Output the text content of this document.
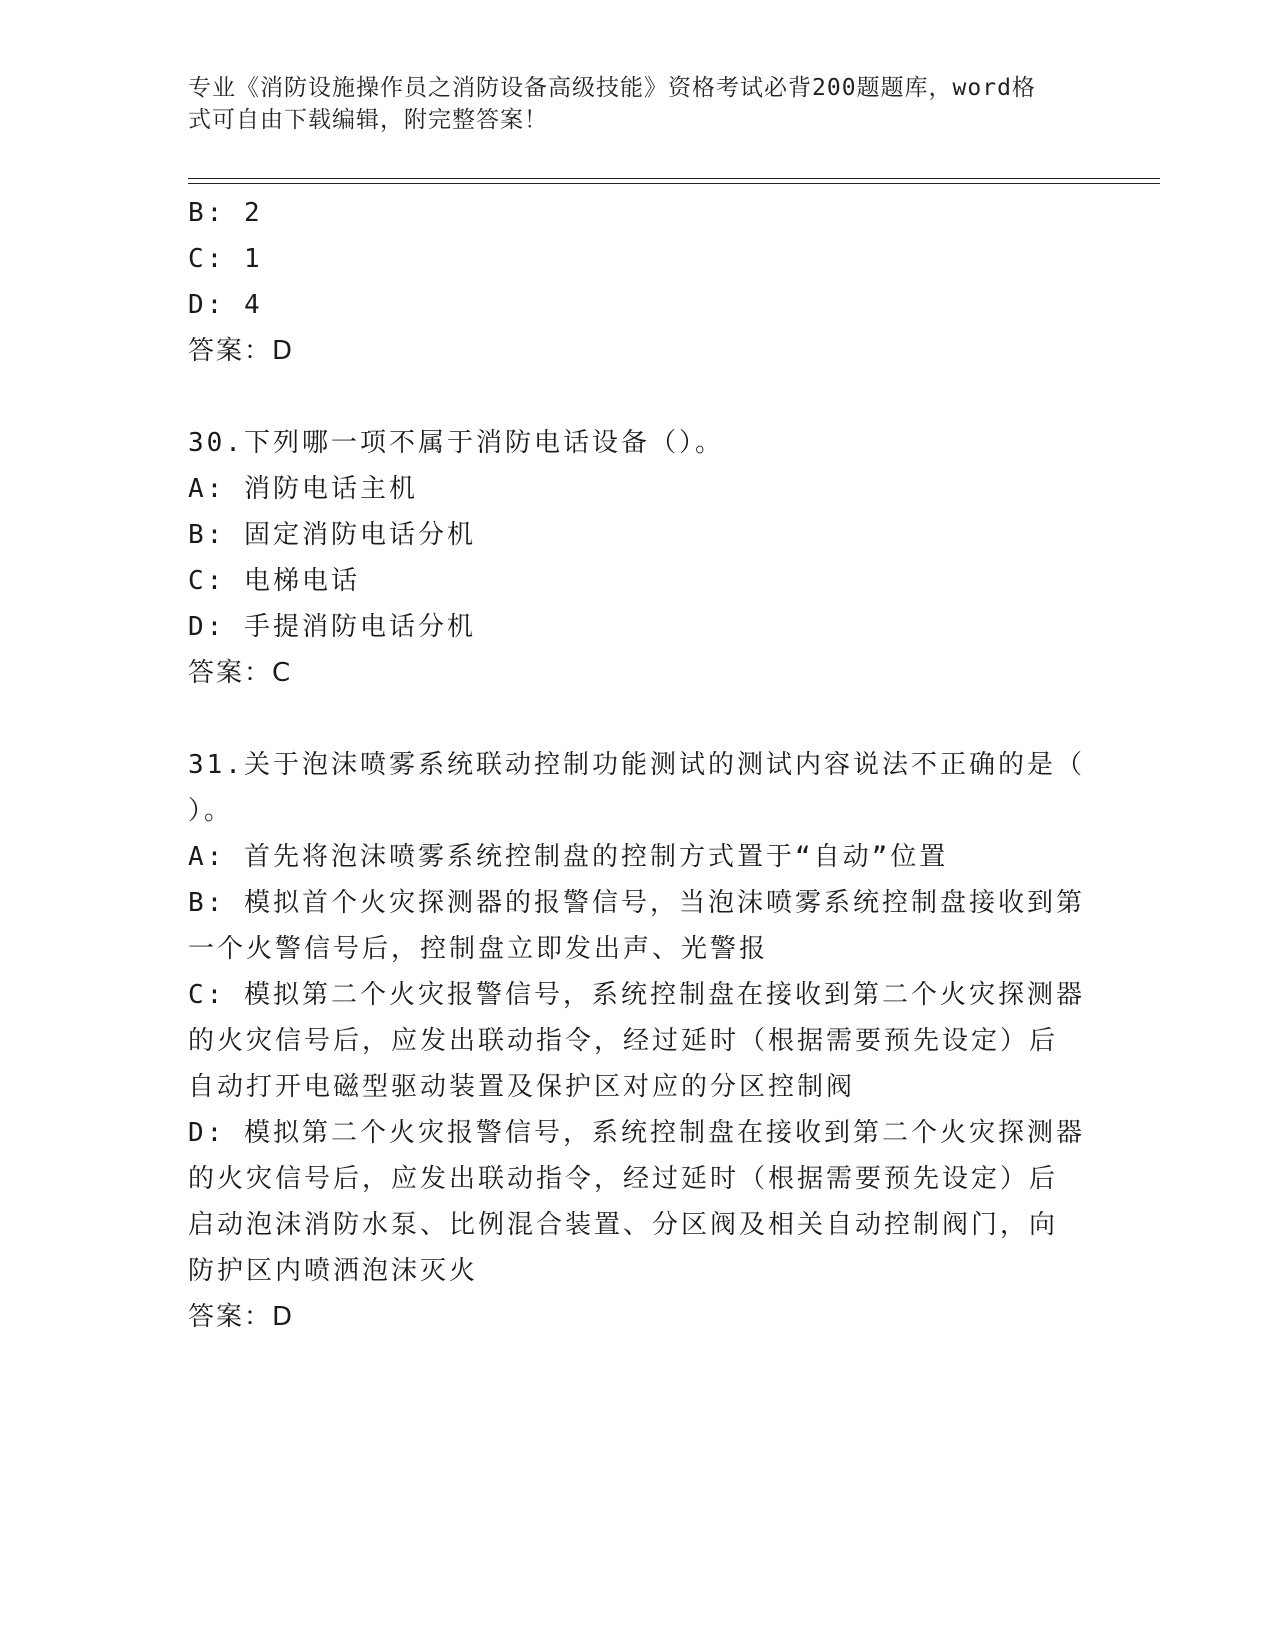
专业《消防设施操作员之消防设备高级技能》资格考试必背200题题库，word格
式可自由下载编辑，附完整答案！
B: 2
C: 1
D: 4
答案：D
30.下列哪一项不属于消防电话设备（）。
A: 消防电话主机
B: 固定消防电话分机
C: 电梯电话
D: 手提消防电话分机
答案：C
31.关于泡沫喷雾系统联动控制功能测试的测试内容说法不正确的是（
）。
A: 首先将泡沫喷雾系统控制盘的控制方式置于“自动”位置
B: 模拟首个火灾探测器的报警信号，当泡沫喷雾系统控制盘接收到第
一个火警信号后，控制盘立即发出声、光警报
C: 模拟第二个火灾报警信号，系统控制盘在接收到第二个火灾探测器
的火灾信号后，应发出联动指令，经过延时（根据需要预先设定）后
自动打开电磁型驱动装置及保护区对应的分区控制阀
D: 模拟第二个火灾报警信号，系统控制盘在接收到第二个火灾探测器
的火灾信号后，应发出联动指令，经过延时（根据需要预先设定）后
启动泡沫消防水泵、比例混合装置、分区阀及相关自动控制阀门，向
防护区内喷洒泡沫灭火
答案：D
